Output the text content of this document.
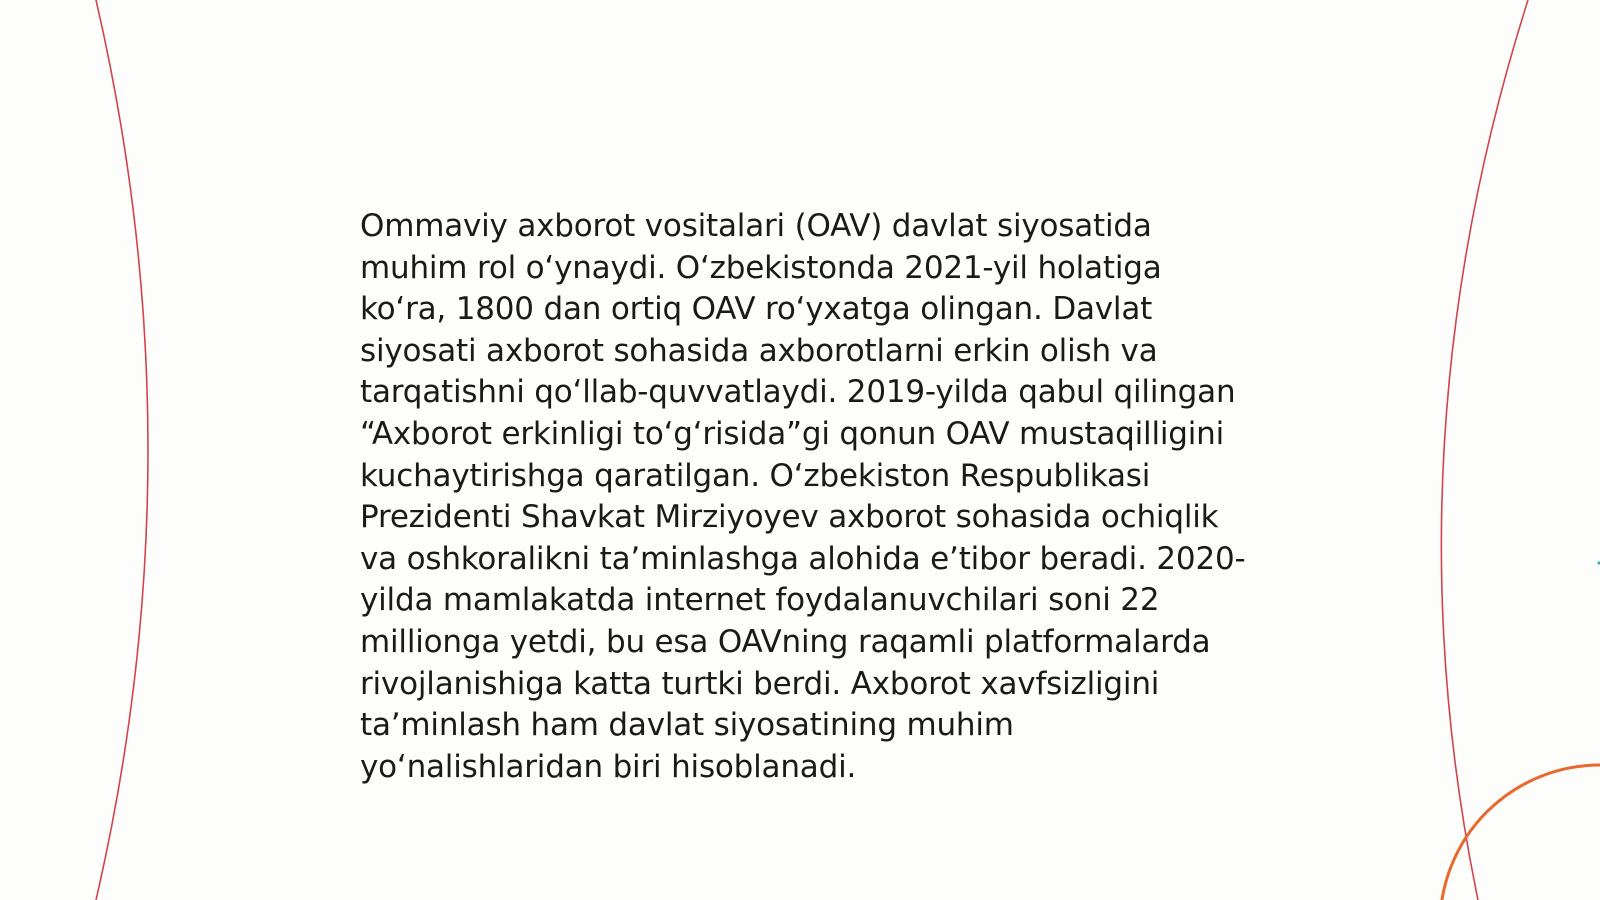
Ommaviy axborot vositalari (OAV) davlat siyosatida muhim rol o‘ynaydi. O‘zbekistonda 2021-yil holatiga ko‘ra, 1800 dan ortiq OAV ro‘yxatga olingan. Davlat siyosati axborot sohasida axborotlarni erkin olish va tarqatishni qo‘llab-quvvatlaydi. 2019-yilda qabul qilingan “Axborot erkinligi to‘g‘risida”gi qonun OAV mustaqilligini kuchaytirishga qaratilgan. O‘zbekiston Respublikasi Prezidenti Shavkat Mirziyoyev axborot sohasida ochiqlik va oshkoralikni ta’minlashga alohida e’tibor beradi. 2020-yilda mamlakatda internet foydalanuvchilari soni 22 millionga yetdi, bu esa OAVning raqamli platformalarda rivojlanishiga katta turtki berdi. Axborot xavfsizligini ta’minlash ham davlat siyosatining muhim yo‘nalishlaridan biri hisoblanadi.
